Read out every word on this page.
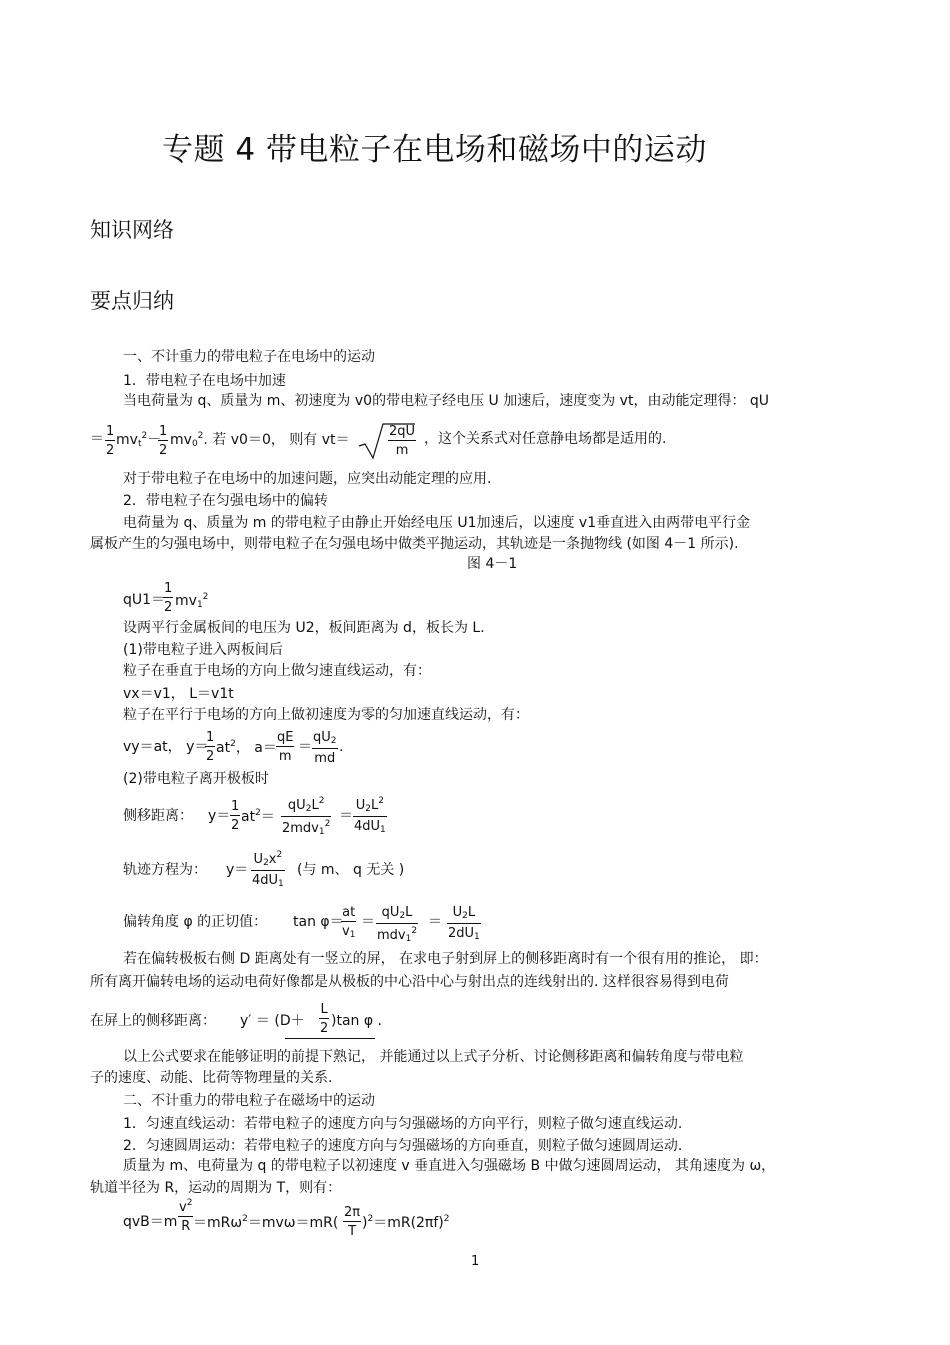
专题 4 带电粒子在电场和磁场中的运动
知识网络
要点归纳
一、不计重力的带电粒子在电场中的运动
1．带电粒子在电场中加速
当电荷量为 q、质量为 m、初速度为 v0的带电粒子经电压 U 加速后，速度变为 vt，由动能定理得： qU
＝ $\frac{1}{2} mv_t^2-$
$\frac{1}{2} mv_0^2$. 若 v0＝0， 则有 vt＝	$\frac{2qU}{m}$ ，这个关系式对任意静电场都是适用的.
对于带电粒子在电场中的加速问题，应突出动能定理的应用.
2．带电粒子在匀强电场中的偏转
电荷量为 q、质量为 m 的带电粒子由静止开始经电压 U1加速后，以速度 v1垂直进入由两带电平行金
属板产生的匀强电场中，则带电粒子在匀强电场中做类平抛运动，其轨迹是一条抛物线 (如图 4－1 所示).
图 4－1
qU1＝
$\frac{1}{2} mv_1^2$
设两平行金属板间的电压为 U2，板间距离为 d，板长为 L.
(1)带电粒子进入两板间后
粒子在垂直于电场的方向上做匀速直线运动，有：
vx＝v1， L＝v1t
粒子在平行于电场的方向上做初速度为零的匀加速直线运动，有：
vy＝at， y＝
$\frac{1}{2} at^2$， $a= \frac{qE}{m} = \frac{qU_2}{md}$ .
(2)带电粒子离开极板时
侧移距离： $y= \frac{1}{2} at^2=$
$qU_2L^2$
$2mdv_1^2 = \frac{U_2L^2}{4dU_1}$
轨迹方程为： $y= \frac{U_2x^2}{4dU_1}$ (与 m、 q 无关 )
偏转角度 φ 的正切值： tan φ＝
$\frac{at}{v_1}$ ＝
$qU_2L$
mdv$_1^2$
＝ $\frac{U_2L}{2dU_1}$
若在偏转极板右侧 D 距离处有一竖立的屏， 在求电子射到屏上的侧移距离时有一个很有用的推论， 即：
所有离开偏转电场的运动电荷好像都是从极板的中心沿中心与射出点的连线射出的. 这样很容易得到电荷
在屏上的侧移距离： $y' = (D+ \frac{L}{2} )\tan$ φ .
以上公式要求在能够证明的前提下熟记， 并能通过以上式子分析、讨论侧移距离和偏转角度与带电粒
子的速度、动能、比荷等物理量的关系.
二、不计重力的带电粒子在磁场中的运动
1．匀速直线运动：若带电粒子的速度方向与匀强磁场的方向平行，则粒子做匀速直线运动.
2．匀速圆周运动：若带电粒子的速度方向与匀强磁场的方向垂直，则粒子做匀速圆周运动.
质量为 m、电荷量为 q 的带电粒子以初速度 v 垂直进入匀强磁场 B 中做匀速圆周运动， 其角速度为 ω，
轨道半径为 R，运动的周期为 T，则有：
$qvB=m \frac{v^2}{R} =mR\omega^2=mv\omega=mR( \frac{2\pi}{T} )^2=mR(2\pi f)^2$
1
